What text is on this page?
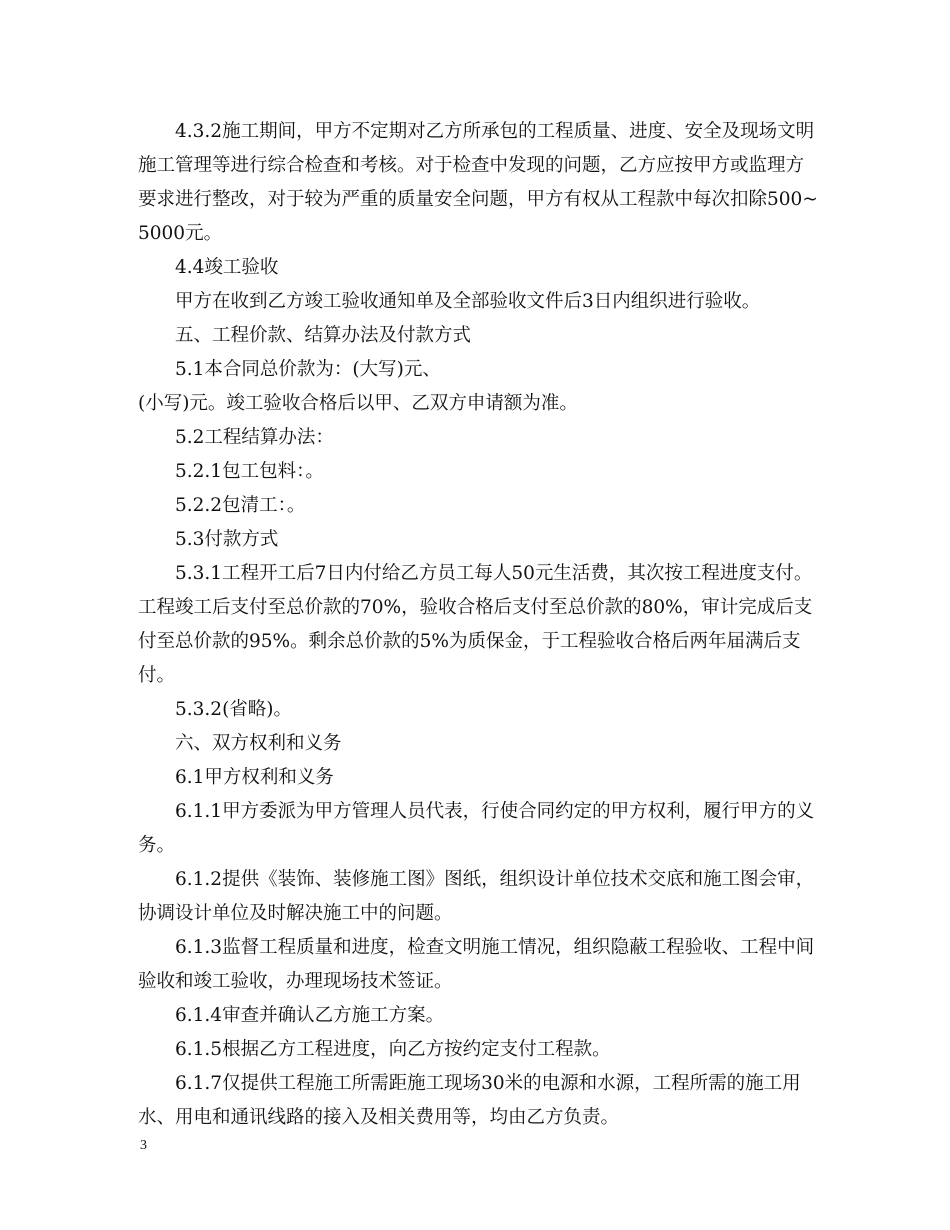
4.3.2施工期间，甲方不定期对乙方所承包的工程质量、进度、安全及现场文明施工管理等进行综合检查和考核。对于检查中发现的问题，乙方应按甲方或监理方要求进行整改，对于较为严重的质量安全问题，甲方有权从工程款中每次扣除500~5000元。

4.4竣工验收

甲方在收到乙方竣工验收通知单及全部验收文件后3日内组织进行验收。

五、工程价款、结算办法及付款方式

5.1本合同总价款为：(大写)元、

(小写)元。竣工验收合格后以甲、乙双方申请额为准。

5.2工程结算办法：

5.2.1包工包料：。

5.2.2包清工：。

5.3付款方式

5.3.1工程开工后7日内付给乙方员工每人50元生活费，其次按工程进度支付。工程竣工后支付至总价款的70%，验收合格后支付至总价款的80%，审计完成后支付至总价款的95%。剩余总价款的5%为质保金，于工程验收合格后两年届满后支付。

5.3.2(省略)。

六、双方权利和义务

6.1甲方权利和义务

6.1.1甲方委派为甲方管理人员代表，行使合同约定的甲方权利，履行甲方的义务。

6.1.2提供《装饰、装修施工图》图纸，组织设计单位技术交底和施工图会审，协调设计单位及时解决施工中的问题。

6.1.3监督工程质量和进度，检查文明施工情况，组织隐蔽工程验收、工程中间验收和竣工验收，办理现场技术签证。

6.1.4审查并确认乙方施工方案。

6.1.5根据乙方工程进度，向乙方按约定支付工程款。

6.1.7仅提供工程施工所需距施工现场30米的电源和水源，工程所需的施工用水、用电和通讯线路的接入及相关费用等，均由乙方负责。

3
